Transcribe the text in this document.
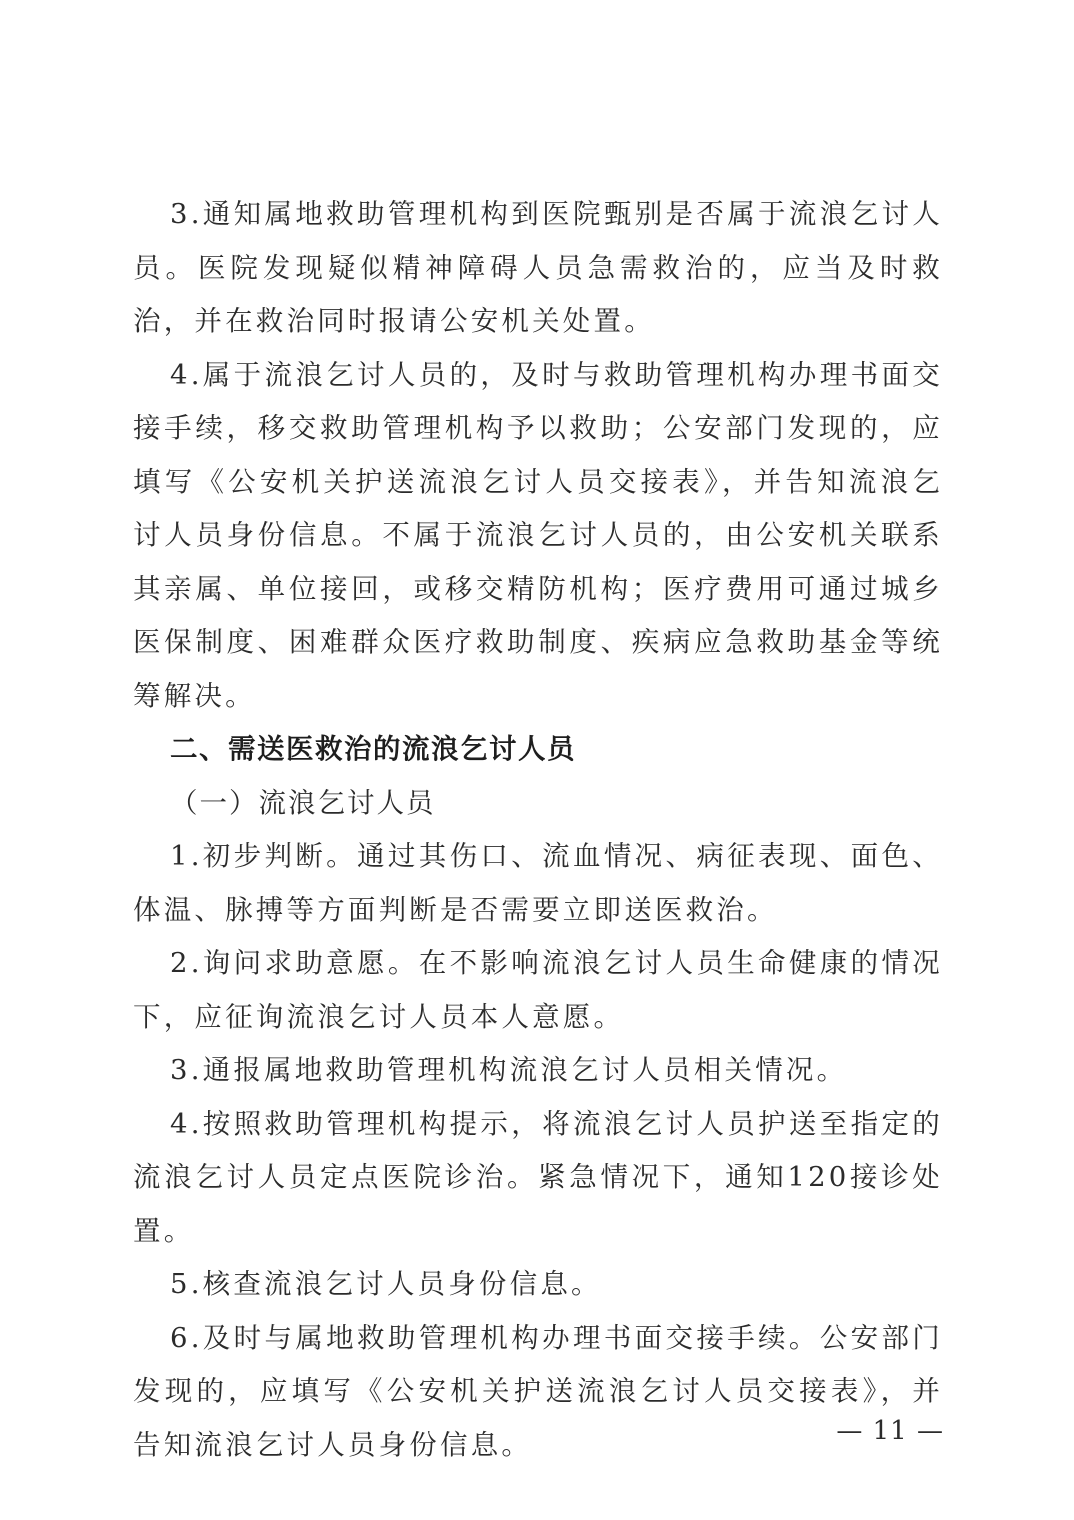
3.通知属地救助管理机构到医院甄别是否属于流浪乞讨人员。医院发现疑似精神障碍人员急需救治的，应当及时救治，并在救治同时报请公安机关处置。

4.属于流浪乞讨人员的，及时与救助管理机构办理书面交接手续，移交救助管理机构予以救助；公安部门发现的，应填写《公安机关护送流浪乞讨人员交接表》，并告知流浪乞讨人员身份信息。不属于流浪乞讨人员的，由公安机关联系其亲属、单位接回，或移交精防机构；医疗费用可通过城乡医保制度、困难群众医疗救助制度、疾病应急救助基金等统筹解决。

二、需送医救治的流浪乞讨人员

（一）流浪乞讨人员

1.初步判断。通过其伤口、流血情况、病征表现、面色、体温、脉搏等方面判断是否需要立即送医救治。

2.询问求助意愿。在不影响流浪乞讨人员生命健康的情况下，应征询流浪乞讨人员本人意愿。

3.通报属地救助管理机构流浪乞讨人员相关情况。

4.按照救助管理机构提示，将流浪乞讨人员护送至指定的流浪乞讨人员定点医院诊治。紧急情况下，通知120接诊处置。

5.核查流浪乞讨人员身份信息。

6.及时与属地救助管理机构办理书面交接手续。公安部门发现的，应填写《公安机关护送流浪乞讨人员交接表》，并告知流浪乞讨人员身份信息。	— 11 —
